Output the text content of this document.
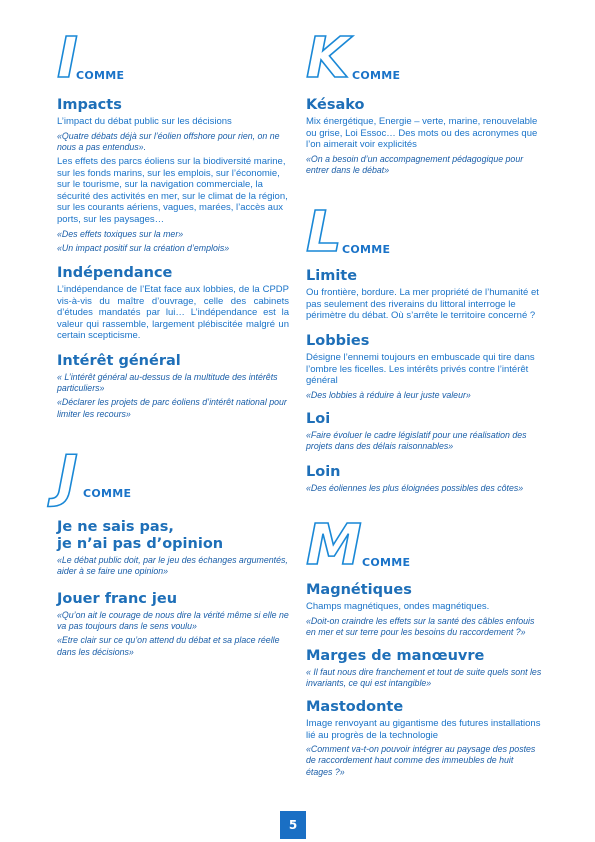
I
COMME
Impacts
L’impact du débat public sur les décisions
«Quatre débats déjà sur l’éolien offshore pour rien, on ne nous a pas entendus».
Les effets des parcs éoliens sur la biodiversité marine, sur les fonds marins, sur les emplois, sur l’économie, sur le tourisme, sur la navigation commerciale, la sécurité des activités en mer, sur le climat de la région, sur les courants aériens, vagues, marées, l’accès aux ports, sur les paysages…
«Des effets toxiques sur la mer»
«Un impact positif sur la création d’emplois»
Indépendance
L’indépendance de l’Etat face aux lobbies, de la CPDP vis-à-vis du maître d’ouvrage, celle des cabinets d’études mandatés par lui… L’indépendance est la valeur qui rassemble, largement plébiscitée malgré un certain scepticisme.
Intérêt général
« L’intérêt général au-dessus de la multitude des intérêts particuliers»
«Déclarer les projets de parc éoliens d’intérêt national pour limiter les recours»
J COMME
Je ne sais pas,
je n’ai pas d’opinion
«Le débat public doit, par le jeu des échanges argumentés, aider à se faire une opinion»
Jouer franc jeu
«Qu’on ait le courage de nous dire la vérité même si elle ne va pas toujours dans le sens voulu»
«Etre clair sur ce qu’on attend du débat et sa place réelle dans les décisions»
K COMME
Késako
Mix énergétique, Energie – verte, marine, renouvelable ou grise, Loi Essoc… Des mots ou des acronymes que l’on aimerait voir explicités
«On a besoin d’un accompagnement pédagogique pour entrer dans le débat»
L COMME
Limite
Ou frontière, bordure. La mer propriété de l’humanité et pas seulement des riverains du littoral interroge le périmètre du débat. Où s’arrête le territoire concerné ?
Lobbies
Désigne l’ennemi toujours en embuscade qui tire dans l’ombre les ficelles. Les intérêts privés contre l’intérêt général
«Des lobbies à réduire à leur juste valeur»
Loi
«Faire évoluer le cadre législatif pour une réalisation des projets dans des délais raisonnables»
Loin
«Des éoliennes les plus éloignées possibles des côtes»
M COMME
Magnétiques
Champs magnétiques, ondes magnétiques.
«Doit-on craindre les effets sur la santé des câbles enfouis en mer et sur terre pour les besoins du raccordement ?»
Marges de manœuvre
« Il faut nous dire franchement et tout de suite quels sont les invariants, ce qui est intangible»
Mastodonte
Image renvoyant au gigantisme des futures installations lié au progrès de la technologie
«Comment va-t-on pouvoir intégrer au paysage des postes de raccordement haut comme des immeubles de huit étages ?»
5
